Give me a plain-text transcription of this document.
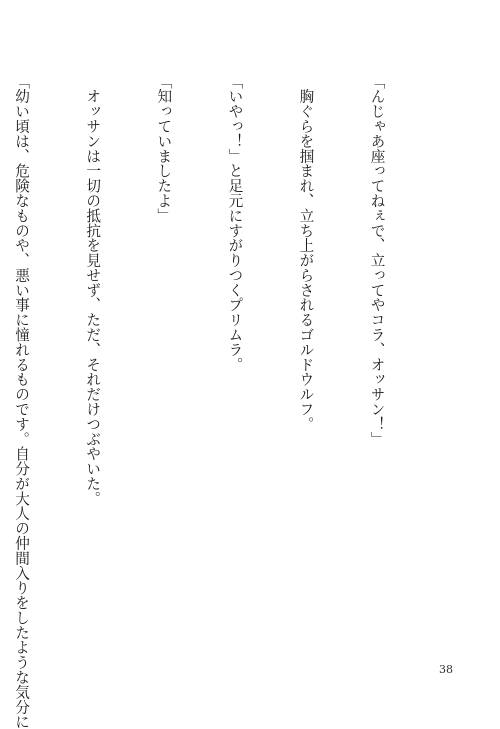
「んじゃあ座ってねぇで、立ってやコラ、オッサン！」

　胸ぐらを掴まれ、立ち上がらされるゴルドウルフ。

「いやっ！」と足元にすがりつくプリムラ。

「知っていましたよ」

　オッサンは一切の抵抗を見せず、ただ、それだけつぶやいた。

「幼い頃は、危険なものや、悪い事に憧れるものです。自分が大人の仲間入りをしたような気分に

	38
